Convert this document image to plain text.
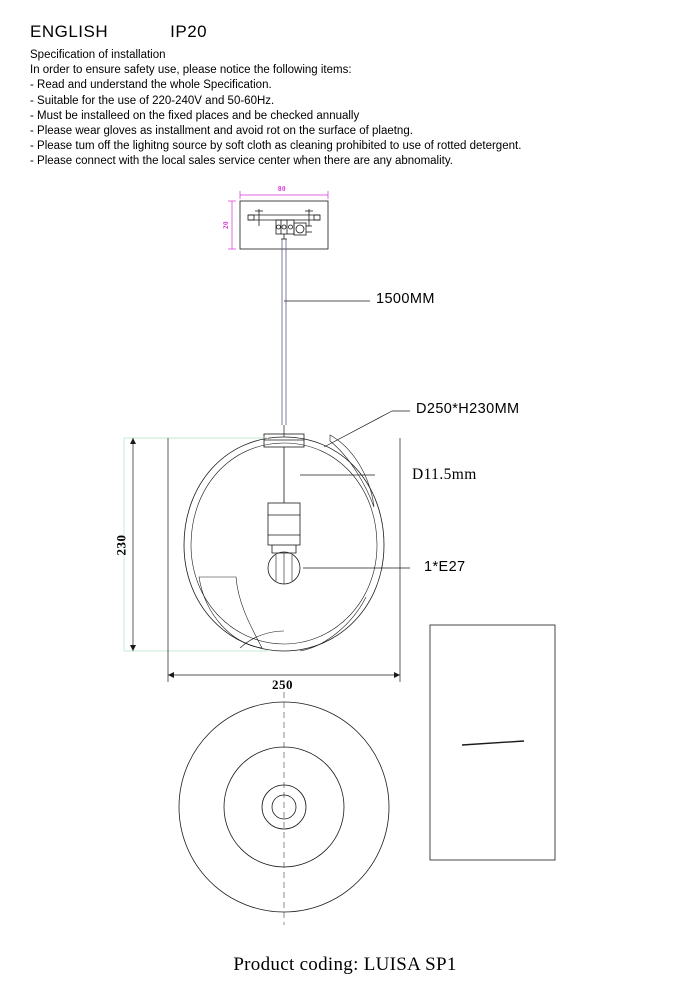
ENGLISH	IP20
Specification of installation
In order to ensure safety use, please notice the following items:
- Read and understand the whole Specification.
- Suitable for the use of 220-240V and 50-60Hz.
- Must be installeed on the fixed places and be checked annually
- Please wear gloves as installment and avoid rot on the surface of plaetng.
- Please tum off the lighitng source by soft cloth as cleaning prohibited to use of rotted detergent.
- Please connect with the local sales service center when there are any abnomality.
1500MM
D250*H230MM
D11.5mm
1*E27
250
230
80
20
Product coding: LUISA SP1
